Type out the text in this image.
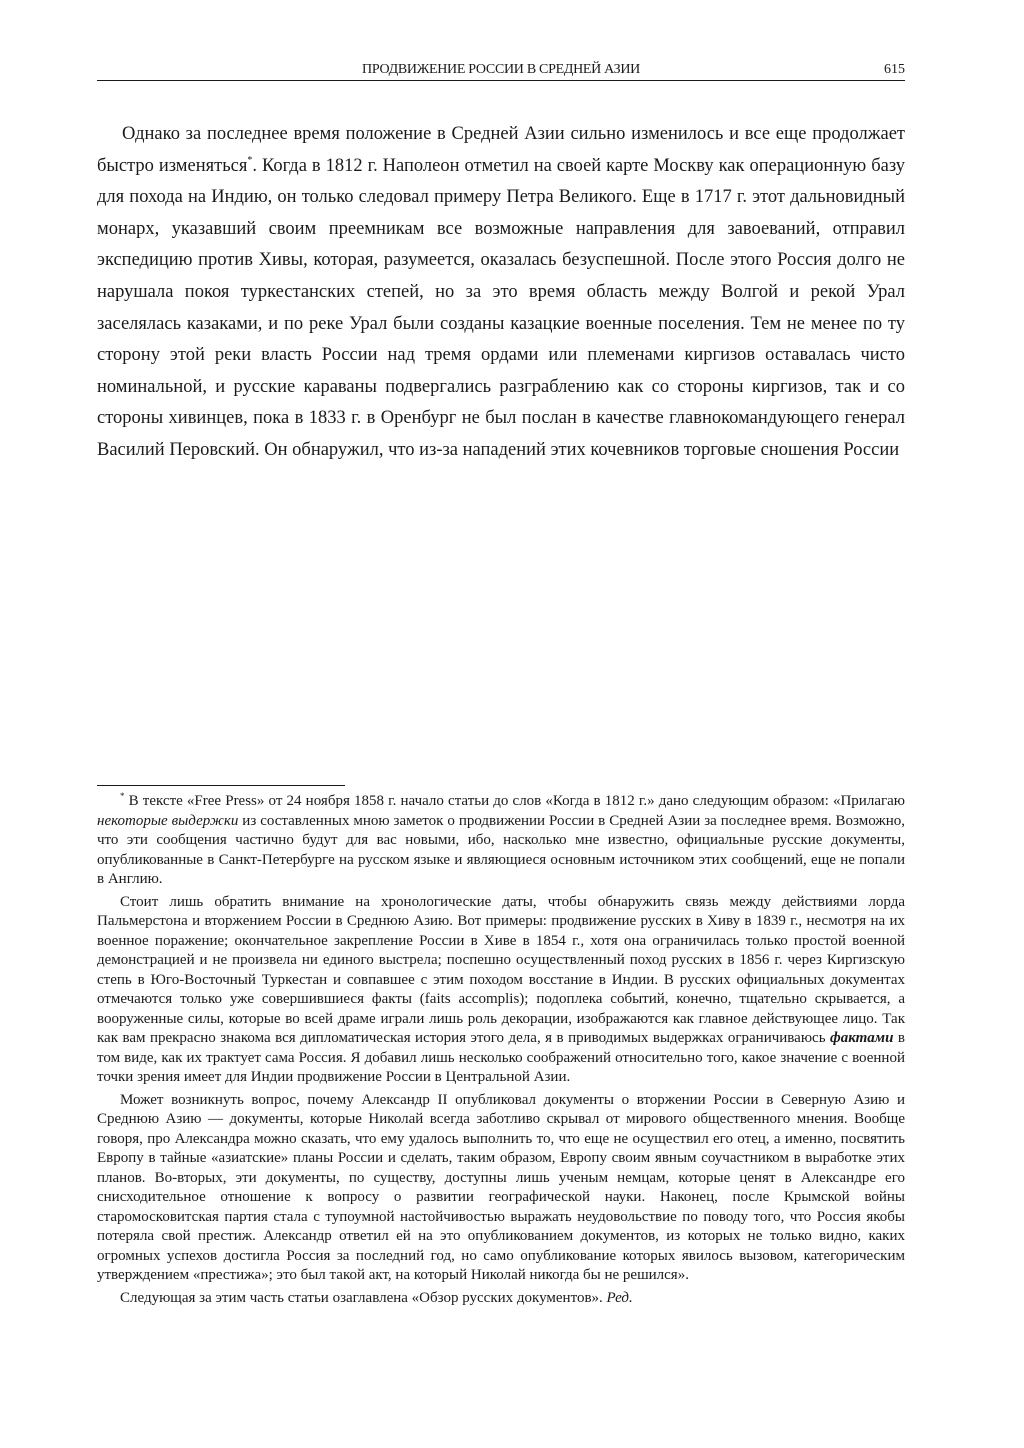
ПРОДВИЖЕНИЕ РОССИИ В СРЕДНЕЙ АЗИИ	615

Однако за последнее время положение в Средней Азии сильно изменилось и все еще продолжает быстро изменяться*. Когда в 1812 г. Наполеон отметил на своей карте Москву как операционную базу для похода на Индию, он только следовал примеру Петра Великого. Еще в 1717 г. этот дальновидный монарх, указавший своим преемникам все возможные направления для завоеваний, отправил экспедицию против Хивы, которая, разумеется, оказалась безуспешной. После этого Россия долго не нарушала покоя туркестанских степей, но за это время область между Волгой и рекой Урал заселялась казаками, и по реке Урал были созданы казацкие военные поселения. Тем не менее по ту сторону этой реки власть России над тремя ордами или племенами киргизов оставалась чисто номинальной, и русские караваны подвергались разграблению как со стороны киргизов, так и со стороны хивинцев, пока в 1833 г. в Оренбург не был послан в качестве главнокомандующего генерал Василий Перовский. Он обнаружил, что из-за нападений этих кочевников торговые сношения России

* В тексте «Free Press» от 24 ноября 1858 г. начало статьи до слов «Когда в 1812 г.» дано следующим образом: «Прилагаю некоторые выдержки из составленных мною заметок о продвижении России в Средней Азии за последнее время. Возможно, что эти сообщения частично будут для вас новыми, ибо, насколько мне известно, официальные русские документы, опубликованные в Санкт-Петербурге на русском языке и являющиеся основным источником этих сообщений, еще не попали в Англию.

Стоит лишь обратить внимание на хронологические даты, чтобы обнаружить связь между действиями лорда Пальмерстона и вторжением России в Среднюю Азию. Вот примеры: продвижение русских в Хиву в 1839 г., несмотря на их военное поражение; окончательное закрепление России в Хиве в 1854 г., хотя она ограничилась только простой военной демонстрацией и не произвела ни единого выстрела; поспешно осуществленный поход русских в 1856 г. через Киргизскую степь в Юго-Восточный Туркестан и совпавшее с этим походом восстание в Индии. В русских официальных документах отмечаются только уже совершившиеся факты (faits accomplis); подоплека событий, конечно, тщательно скрывается, а вооруженные силы, которые во всей драме играли лишь роль декорации, изображаются как главное действующее лицо. Так как вам прекрасно знакома вся дипломатическая история этого дела, я в приводимых выдержках ограничиваюсь фактами в том виде, как их трактует сама Россия. Я добавил лишь несколько соображений относительно того, какое значение с военной точки зрения имеет для Индии продвижение России в Центральной Азии.

Может возникнуть вопрос, почему Александр II опубликовал документы о вторжении России в Северную Азию и Среднюю Азию — документы, которые Николай всегда заботливо скрывал от мирового общественного мнения. Вообще говоря, про Александра можно сказать, что ему удалось выполнить то, что еще не осуществил его отец, а именно, посвятить Европу в тайные «азиатские» планы России и сделать, таким образом, Европу своим явным соучастником в выработке этих планов. Во-вторых, эти документы, по существу, доступны лишь ученым немцам, которые ценят в Александре его снисходительное отношение к вопросу о развитии географической науки. Наконец, после Крымской войны старомосковитская партия стала с тупоумной настойчивостью выражать неудовольствие по поводу того, что Россия якобы потеряла свой престиж. Александр ответил ей на это опубликованием документов, из которых не только видно, каких огромных успехов достигла Россия за последний год, но само опубликование которых явилось вызовом, категорическим утверждением «престижа»; это был такой акт, на который Николай никогда бы не решился».

Следующая за этим часть статьи озаглавлена «Обзор русских документов». Ред.
